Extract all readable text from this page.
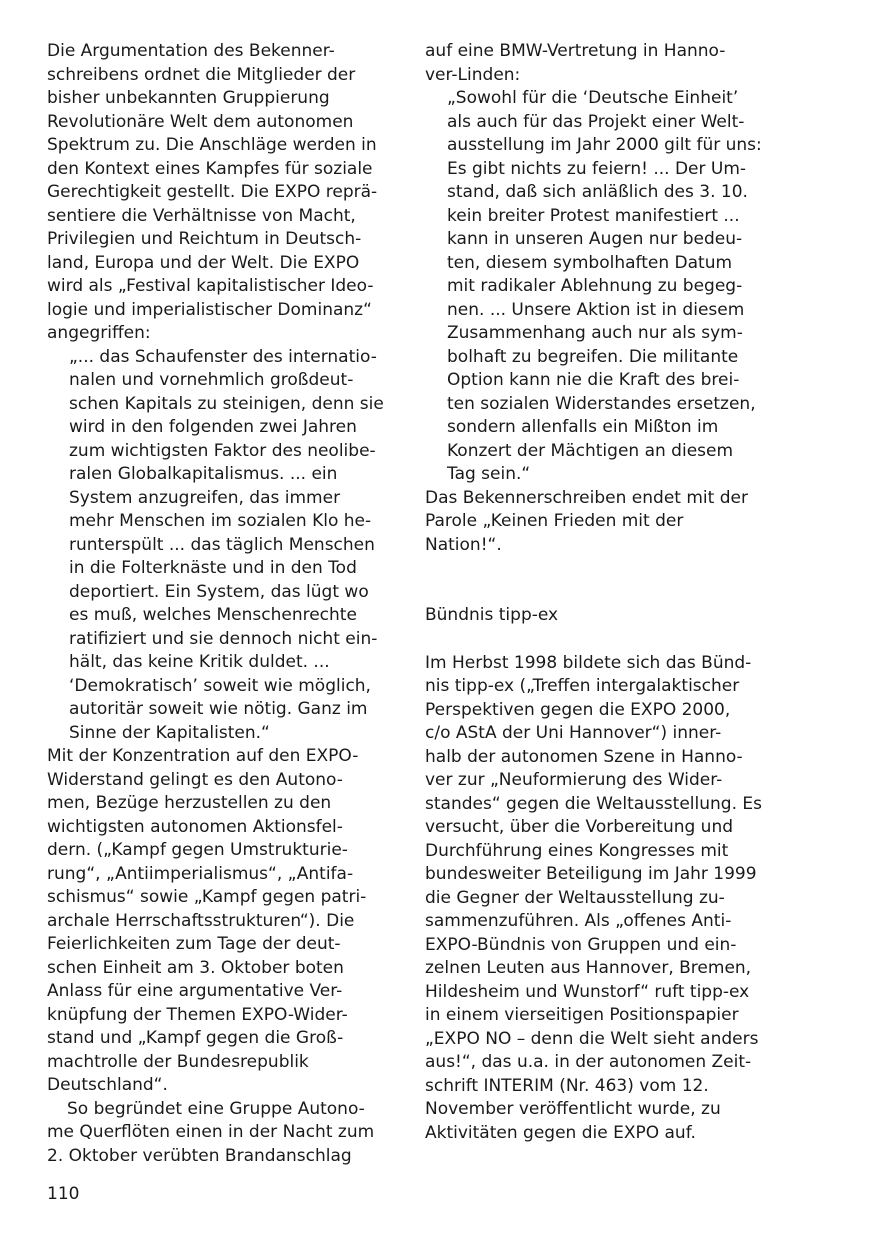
Die Argumentation des Bekenner-
schreibens ordnet die Mitglieder der
bisher unbekannten Gruppierung
Revolutionäre Welt dem autonomen
Spektrum zu. Die Anschläge werden in
den Kontext eines Kampfes für soziale
Gerechtigkeit gestellt. Die EXPO reprä-
sentiere die Verhältnisse von Macht,
Privilegien und Reichtum in Deutsch-
land, Europa und der Welt. Die EXPO
wird als „Festival kapitalistischer Ideo-
logie und imperialistischer Dominanz“
angegriffen:
„... das Schaufenster des internatio-
nalen und vornehmlich großdeut-
schen Kapitals zu steinigen, denn sie
wird in den folgenden zwei Jahren
zum wichtigsten Faktor des neolibe-
ralen Globalkapitalismus. ... ein
System anzugreifen, das immer
mehr Menschen im sozialen Klo he-
runterspült ... das täglich Menschen
in die Folterknäste und in den Tod
deportiert. Ein System, das lügt wo
es muß, welches Menschenrechte
ratifiziert und sie dennoch nicht ein-
hält, das keine Kritik duldet. ...
‘Demokratisch’ soweit wie möglich,
autoritär soweit wie nötig. Ganz im
Sinne der Kapitalisten.“
Mit der Konzentration auf den EXPO-
Widerstand gelingt es den Autono-
men, Bezüge herzustellen zu den
wichtigsten autonomen Aktionsfel-
dern. („Kampf gegen Umstrukturie-
rung“, „Antiimperialismus“, „Antifa-
schismus“ sowie „Kampf gegen patri-
archale Herrschaftsstrukturen“). Die
Feierlichkeiten zum Tage der deut-
schen Einheit am 3. Oktober boten
Anlass für eine argumentative Ver-
knüpfung der Themen EXPO-Wider-
stand und „Kampf gegen die Groß-
machtrolle der Bundesrepublik
Deutschland“.
So begründet eine Gruppe Autono-
me Querflöten einen in der Nacht zum
2. Oktober verübten Brandanschlag
auf eine BMW-Vertretung in Hanno-
ver-Linden:
„Sowohl für die ‘Deutsche Einheit’
als auch für das Projekt einer Welt-
ausstellung im Jahr 2000 gilt für uns:
Es gibt nichts zu feiern! ... Der Um-
stand, daß sich anläßlich des 3. 10.
kein breiter Protest manifestiert ...
kann in unseren Augen nur bedeu-
ten, diesem symbolhaften Datum
mit radikaler Ablehnung zu begeg-
nen. ... Unsere Aktion ist in diesem
Zusammenhang auch nur als sym-
bolhaft zu begreifen. Die militante
Option kann nie die Kraft des brei-
ten sozialen Widerstandes ersetzen,
sondern allenfalls ein Mißton im
Konzert der Mächtigen an diesem
Tag sein.“
Das Bekennerschreiben endet mit der
Parole „Keinen Frieden mit der
Nation!“.
Bündnis tipp-ex
Im Herbst 1998 bildete sich das Bünd-
nis tipp-ex („Treffen intergalaktischer
Perspektiven gegen die EXPO 2000,
c/o AStA der Uni Hannover“) inner-
halb der autonomen Szene in Hanno-
ver zur „Neuformierung des Wider-
standes“ gegen die Weltausstellung. Es
versucht, über die Vorbereitung und
Durchführung eines Kongresses mit
bundesweiter Beteiligung im Jahr 1999
die Gegner der Weltausstellung zu-
sammenzuführen. Als „offenes Anti-
EXPO-Bündnis von Gruppen und ein-
zelnen Leuten aus Hannover, Bremen,
Hildesheim und Wunstorf“ ruft tipp-ex
in einem vierseitigen Positionspapier
„EXPO NO – denn die Welt sieht anders
aus!“, das u.a. in der autonomen Zeit-
schrift INTERIM (Nr. 463) vom 12.
November veröffentlicht wurde, zu
Aktivitäten gegen die EXPO auf.
110
